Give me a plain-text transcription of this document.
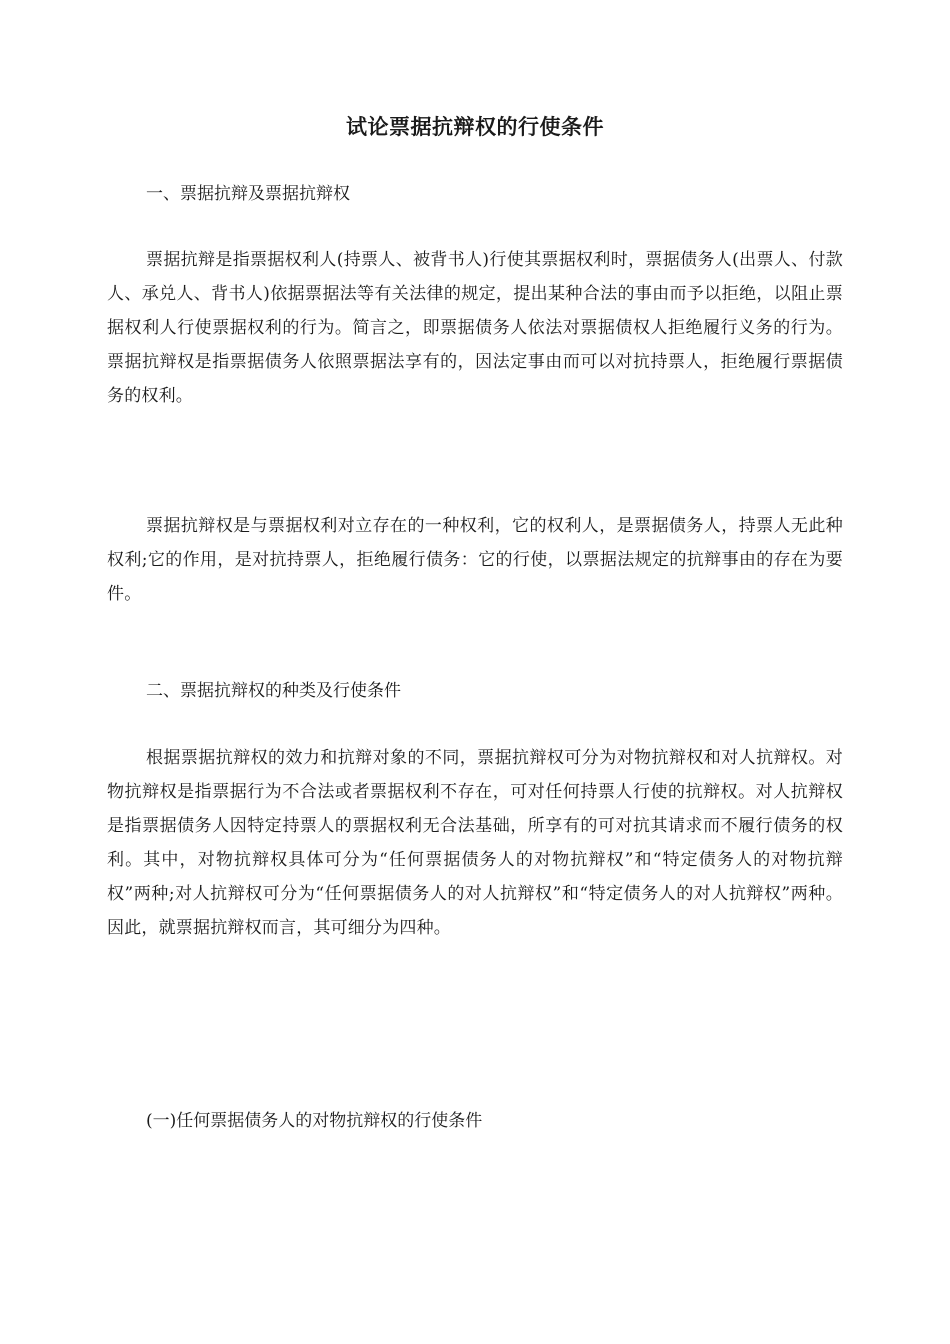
试论票据抗辩权的行使条件

一、票据抗辩及票据抗辩权

票据抗辩是指票据权利人(持票人、被背书人)行使其票据权利时，票据债务人(出票人、付款人、承兑人、背书人)依据票据法等有关法律的规定，提出某种合法的事由而予以拒绝，以阻止票据权利人行使票据权利的行为。简言之，即票据债务人依法对票据债权人拒绝履行义务的行为。票据抗辩权是指票据债务人依照票据法享有的，因法定事由而可以对抗持票人，拒绝履行票据债务的权利。

票据抗辩权是与票据权利对立存在的一种权利，它的权利人，是票据债务人，持票人无此种权利;它的作用，是对抗持票人，拒绝履行债务：它的行使，以票据法规定的抗辩事由的存在为要件。

二、票据抗辩权的种类及行使条件

根据票据抗辩权的效力和抗辩对象的不同，票据抗辩权可分为对物抗辩权和对人抗辩权。对物抗辩权是指票据行为不合法或者票据权利不存在，可对任何持票人行使的抗辩权。对人抗辩权是指票据债务人因特定持票人的票据权利无合法基础，所享有的可对抗其请求而不履行债务的权利。其中，对物抗辩权具体可分为“任何票据债务人的对物抗辩权”和“特定债务人的对物抗辩权”两种;对人抗辩权可分为“任何票据债务人的对人抗辩权”和“特定债务人的对人抗辩权”两种。因此，就票据抗辩权而言，其可细分为四种。

(一)任何票据债务人的对物抗辩权的行使条件
